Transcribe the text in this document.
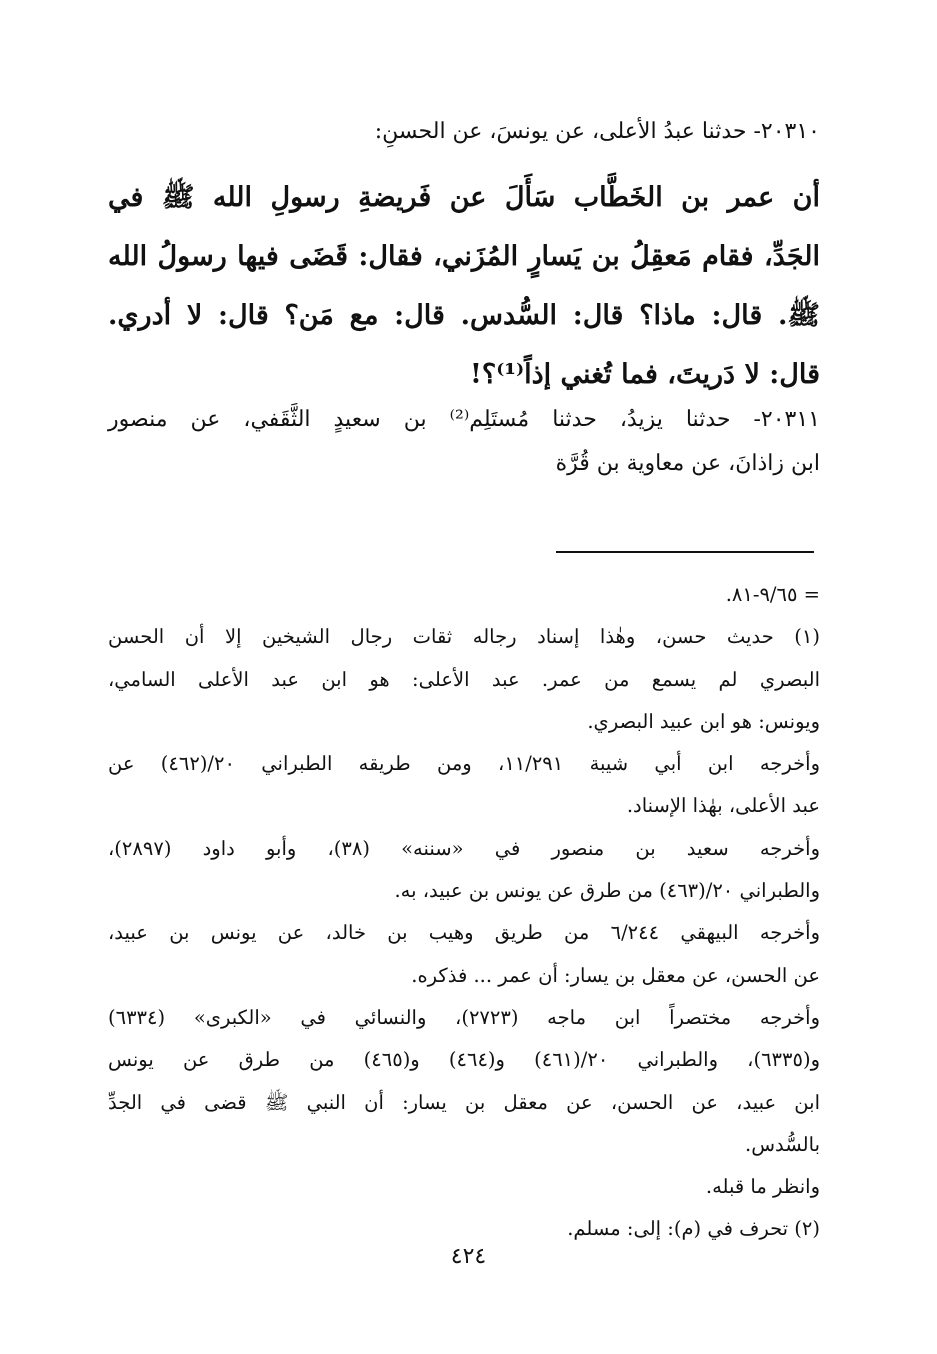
٢٠٣١٠- حدثنا عبدُ الأعلى، عن يونسَ، عن الحسنِ:
أن عمر بن الخَطَّاب سَأَلَ عن فَريضةِ رسولِ الله ﷺ في
الجَدِّ، فقام مَعقِلُ بن يَسارٍ المُزَني، فقال: قَضَى فيها رسولُ الله
ﷺ. قال: ماذا؟ قال: السُّدس. قال: مع مَن؟ قال: لا أدري.
قال: لا دَريتَ، فما تُغني إذاً⁽¹⁾؟!
٢٠٣١١- حدثنا يزيدُ، حدثنا مُستَلِم⁽²⁾ بن سعيدٍ الثَّقَفي، عن منصور
ابن زاذانَ، عن معاوية بن قُرَّة
= ٩/٦٥-٨١.
(١) حديث حسن، وهٰذا إسناد رجاله ثقات رجال الشيخين إلا أن الحسن
البصري لم يسمع من عمر. عبد الأعلى: هو ابن عبد الأعلى السامي،
ويونس: هو ابن عبيد البصري.
وأخرجه ابن أبي شيبة ١١/٢٩١، ومن طريقه الطبراني ٢٠/(٤٦٢) عن
عبد الأعلى، بهٰذا الإسناد.
وأخرجه سعيد بن منصور في «سننه» (٣٨)، وأبو داود (٢٨٩٧)،
والطبراني ٢٠/(٤٦٣) من طرق عن يونس بن عبيد، به.
وأخرجه البيهقي ٦/٢٤٤ من طريق وهيب بن خالد، عن يونس بن عبيد،
عن الحسن، عن معقل بن يسار: أن عمر ... فذكره.
وأخرجه مختصراً ابن ماجه (٢٧٢٣)، والنسائي في «الكبرى» (٦٣٣٤)
و(٦٣٣٥)، والطبراني ٢٠/(٤٦١) و(٤٦٤) و(٤٦٥) من طرق عن يونس
ابن عبيد، عن الحسن، عن معقل بن يسار: أن النبي ﷺ قضى في الجدِّ
بالسُّدس.
وانظر ما قبله.
(٢) تحرف في (م): إلى: مسلم.
٤٢٤
